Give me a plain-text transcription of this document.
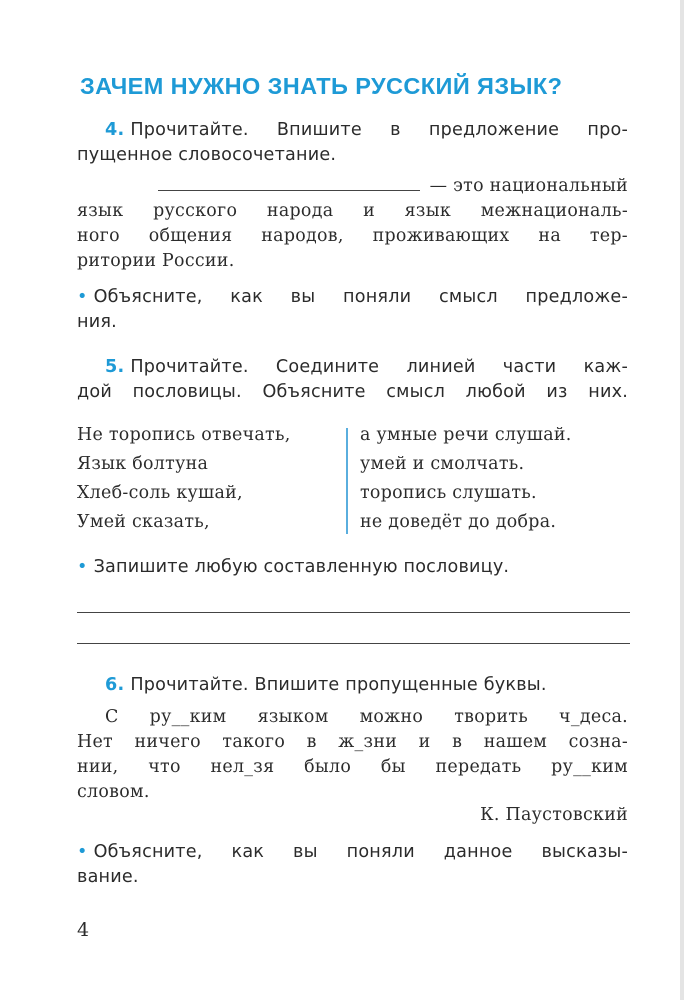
ЗАЧЕМ НУЖНО ЗНАТЬ РУССКИЙ ЯЗЫК?
4. Прочитайте. Впишите в предложение про-
пущенное словосочетание.
— это национальный
язык русского народа и язык межнациональ-
ного общения народов, проживающих на тер-
ритории России.
• Объясните, как вы поняли смысл предложе-
ния.
5. Прочитайте. Соедините линией части каж-
дой пословицы. Объясните смысл любой из них.
Не торопись отвечать,
Язык болтуна
Хлеб-соль кушай,
Умей сказать,
а умные речи слушай.
умей и смолчать.
торопись слушать.
не доведёт до добра.
• Запишите любую составленную пословицу.
6. Прочитайте. Впишите пропущенные буквы.
С ру__ким языком можно творить ч_деса.
Нет ничего такого в ж_зни и в нашем созна-
нии, что нел_зя было бы передать ру__ким
словом.
К. Паустовский
• Объясните, как вы поняли данное высказы-
вание.
4
